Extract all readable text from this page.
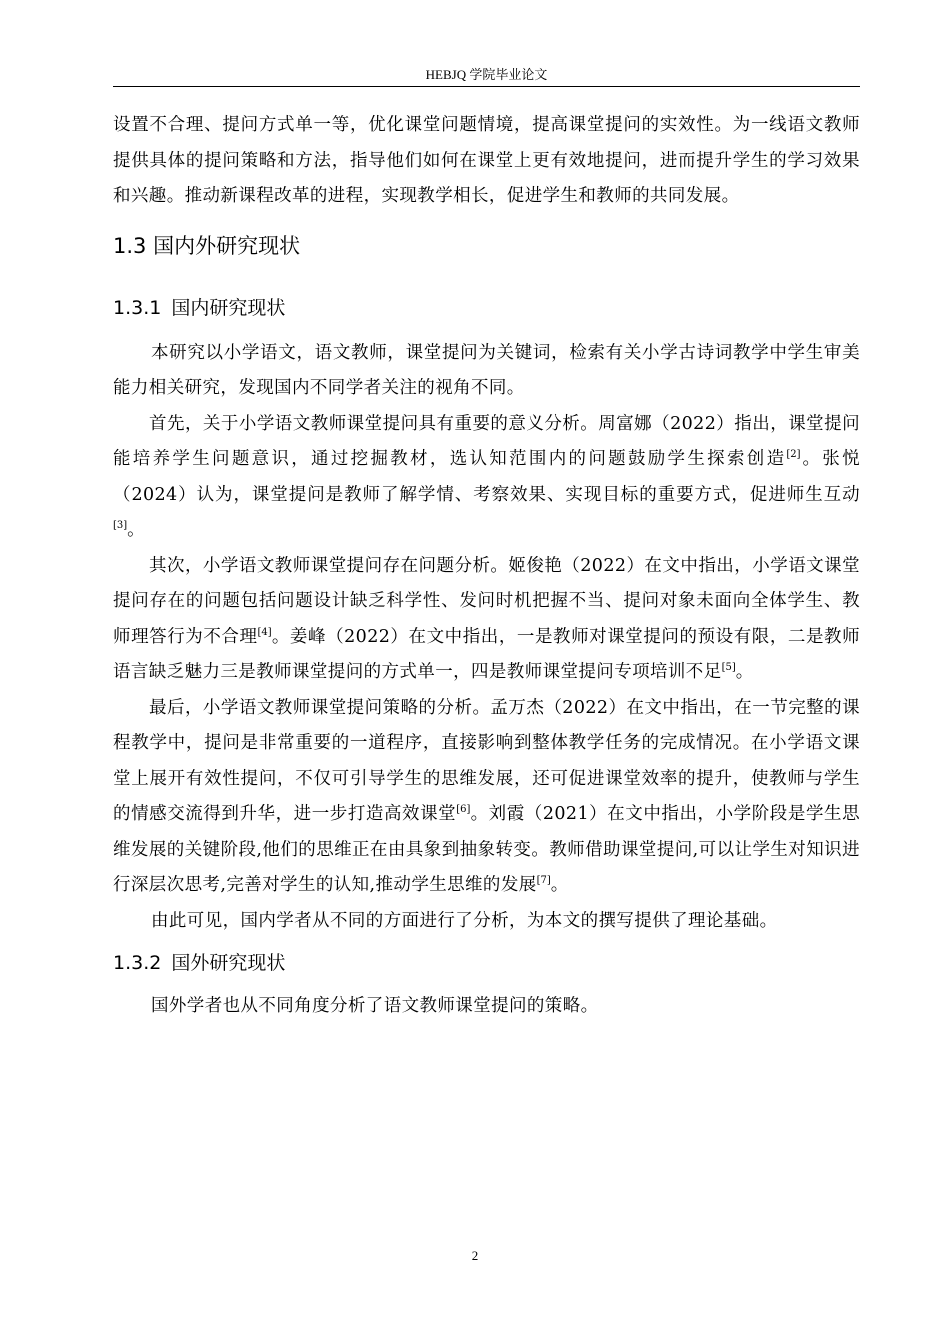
HEBJQ 学院毕业论文

设置不合理、提问方式单一等，优化课堂问题情境，提高课堂提问的实效性。为一线语文教师提供具体的提问策略和方法，指导他们如何在课堂上更有效地提问，进而提升学生的学习效果和兴趣。推动新课程改革的进程，实现教学相长，促进学生和教师的共同发展。

1.3 国内外研究现状
1.3.1 国内研究现状

本研究以小学语文，语文教师，课堂提问为关键词，检索有关小学古诗词教学中学生审美能力相关研究，发现国内不同学者关注的视角不同。

首先，关于小学语文教师课堂提问具有重要的意义分析。周富娜（2022）指出，课堂提问能培养学生问题意识，通过挖掘教材，选认知范围内的问题鼓励学生探索创造[2]。张悦（2024）认为，课堂提问是教师了解学情、考察效果、实现目标的重要方式，促进师生互动[3]。

其次，小学语文教师课堂提问存在问题分析。姬俊艳（2022）在文中指出，小学语文课堂提问存在的问题包括问题设计缺乏科学性、发问时机把握不当、提问对象未面向全体学生、教师理答行为不合理[4]。姜峰（2022）在文中指出，一是教师对课堂提问的预设有限，二是教师语言缺乏魅力三是教师课堂提问的方式单一，四是教师课堂提问专项培训不足[5]。

最后，小学语文教师课堂提问策略的分析。孟万杰（2022）在文中指出，在一节完整的课程教学中，提问是非常重要的一道程序，直接影响到整体教学任务的完成情况。在小学语文课堂上展开有效性提问，不仅可引导学生的思维发展，还可促进课堂效率的提升，使教师与学生的情感交流得到升华，进一步打造高效课堂[6]。刘霞（2021）在文中指出，小学阶段是学生思维发展的关键阶段,他们的思维正在由具象到抽象转变。教师借助课堂提问,可以让学生对知识进行深层次思考,完善对学生的认知,推动学生思维的发展[7]。

由此可见，国内学者从不同的方面进行了分析，为本文的撰写提供了理论基础。

1.3.2 国外研究现状

国外学者也从不同角度分析了语文教师课堂提问的策略。

2
